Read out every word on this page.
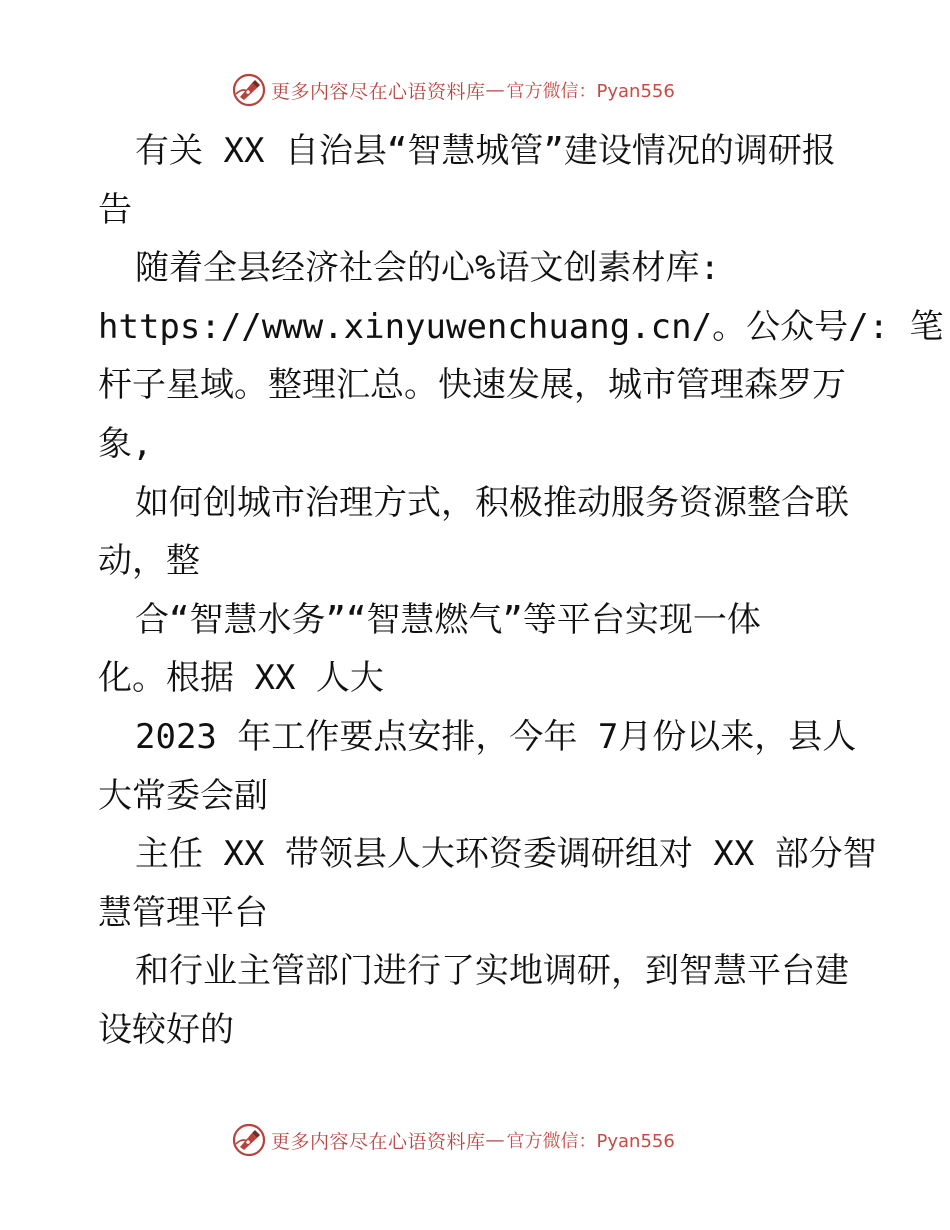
更多内容尽在心语资料库 — 官方微信：Pyan556
有关 XX 自治县“智慧城管”建设情况的调研报
告
随着全县经济社会的心%语文创素材库:
https://www.xinyuwenchuang.cn/。公众号/: 笔
杆子星域。整理汇总。快速发展，城市管理森罗万
象,
如何创城市治理方式，积极推动服务资源整合联
动，整
合“智慧水务”“智慧燃气”等平台实现一体
化。根据 XX 人大
2023 年工作要点安排，今年 7月份以来，县人
大常委会副
主任 XX 带领县人大环资委调研组对 XX 部分智
慧管理平台
和行业主管部门进行了实地调研，到智慧平台建
设较好的
更多内容尽在心语资料库 — 官方微信：Pyan556
